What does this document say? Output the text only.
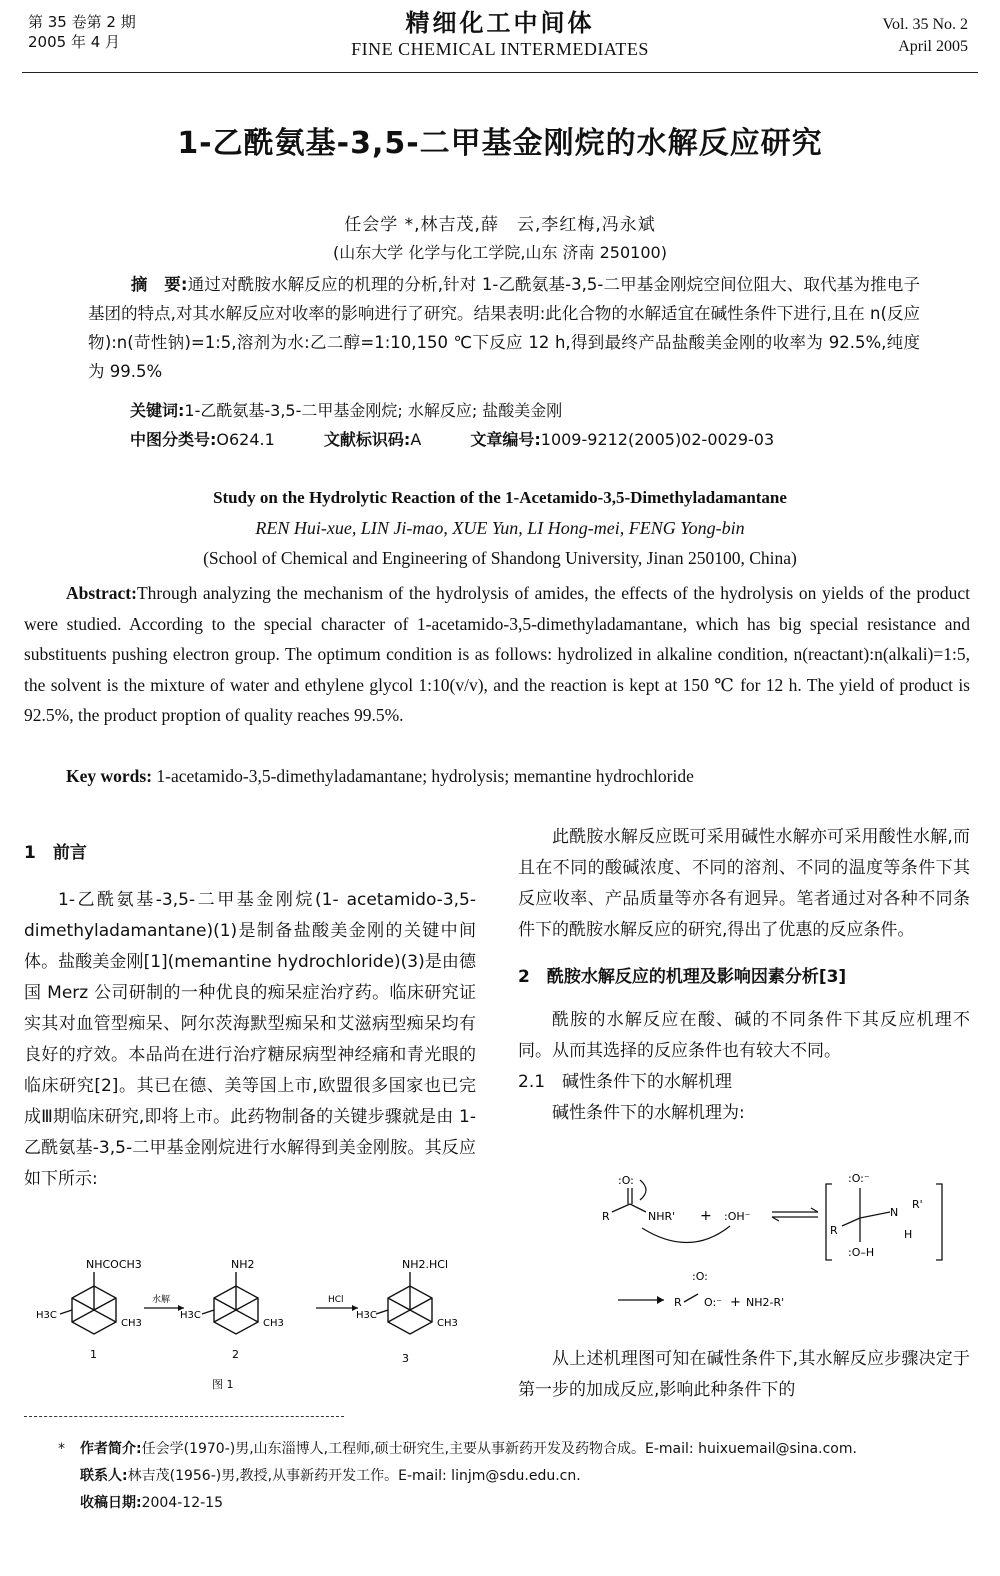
第 35 卷第 2 期
2005 年 4 月
精细化工中间体
FINE CHEMICAL INTERMEDIATES
Vol. 35 No. 2
April 2005
1-乙酰氨基-3,5-二甲基金刚烷的水解反应研究
任会学 *,林吉茂,薛　云,李红梅,冯永斌
(山东大学 化学与化工学院,山东 济南 250100)

摘　要:通过对酰胺水解反应的机理的分析,针对 1-乙酰氨基-3,5-二甲基金刚烷空间位阻大、取代基为推电子基团的特点,对其水解反应对收率的影响进行了研究。结果表明:此化合物的水解适宜在碱性条件下进行,且在 n(反应物):n(苛性钠)=1:5,溶剂为水:乙二醇=1:10,150 ℃下反应 12 h,得到最终产品盐酸美金刚的收率为 92.5%,纯度为 99.5%

关键词:1-乙酰氨基-3,5-二甲基金刚烷; 水解反应; 盐酸美金刚
中图分类号:O624.1	文献标识码:A	文章编号:1009-9212(2005)02-0029-03
Study on the Hydrolytic Reaction of the 1-Acetamido-3,5-Dimethyladamantane
REN Hui-xue, LIN Ji-mao, XUE Yun, LI Hong-mei, FENG Yong-bin
(School of Chemical and Engineering of Shandong University, Jinan 250100, China)
Abstract:Through analyzing the mechanism of the hydrolysis of amides, the effects of the hydrolysis on yields of the product were studied. According to the special character of 1-acetamido-3,5-dimethyladamantane, which has big special resistance and substituents pushing electron group. The optimum condition is as follows: hydrolized in alkaline condition, n(reactant):n(alkali)=1:5, the solvent is the mixture of water and ethylene glycol 1:10(v/v), and the reaction is kept at 150 ℃ for 12 h. The yield of product is 92.5%, the product proption of quality reaches 99.5%.
Key words: 1-acetamido-3,5-dimethyladamantane; hydrolysis; memantine hydrochloride

1　前言

1-乙酰氨基-3,5-二甲基金刚烷(1- acetamido-3,5-dimethyladamantane)(1)是制备盐酸美金刚的关键中间体。盐酸美金刚[1](memantine hydrochloride)(3)是由德国 Merz 公司研制的一种优良的痴呆症治疗药。临床研究证实其对血管型痴呆、阿尔茨海默型痴呆和艾滋病型痴呆均有良好的疗效。本品尚在进行治疗糖尿病型神经痛和青光眼的临床研究[2]。其已在德、美等国上市,欧盟很多国家也已完成Ⅲ期临床研究,即将上市。此药物制备的关键步骤就是由 1-乙酰氨基-3,5-二甲基金刚烷进行水解得到美金刚胺。其反应如下所示:

NHCOCH3
H3C
CH3
1
水解
NH2
H3C
CH3
2
HCl
NH2.HCl
H3C
CH3
3
图 1

此酰胺水解反应既可采用碱性水解亦可采用酸性水解,而且在不同的酸碱浓度、不同的溶剂、不同的温度等条件下其反应收率、产品质量等亦各有迥异。笔者通过对各种不同条件下的酰胺水解反应的研究,得出了优惠的反应条件。

2　酰胺水解反应的机理及影响因素分析[3]

酰胺的水解反应在酸、碱的不同条件下其反应机理不同。从而其选择的反应条件也有较大不同。

2.1　碱性条件下的水解机理

碱性条件下的水解机理为:

:O:
R	NHR' + :OH⁻
:O:⁻
R
N
R'
H
:O–H
R
:O:
O:⁻ + NH2-R'

从上述机理图可知在碱性条件下,其水解反应步骤决定于第一步的加成反应,影响此种条件下的

* 作者简介:任会学(1970-)男,山东淄博人,工程师,硕士研究生,主要从事新药开发及药物合成。E-mail: huixuemail@sina.com.
联系人:林吉茂(1956-)男,教授,从事新药开发工作。E-mail: linjm@sdu.edu.cn.
收稿日期:2004-12-15
